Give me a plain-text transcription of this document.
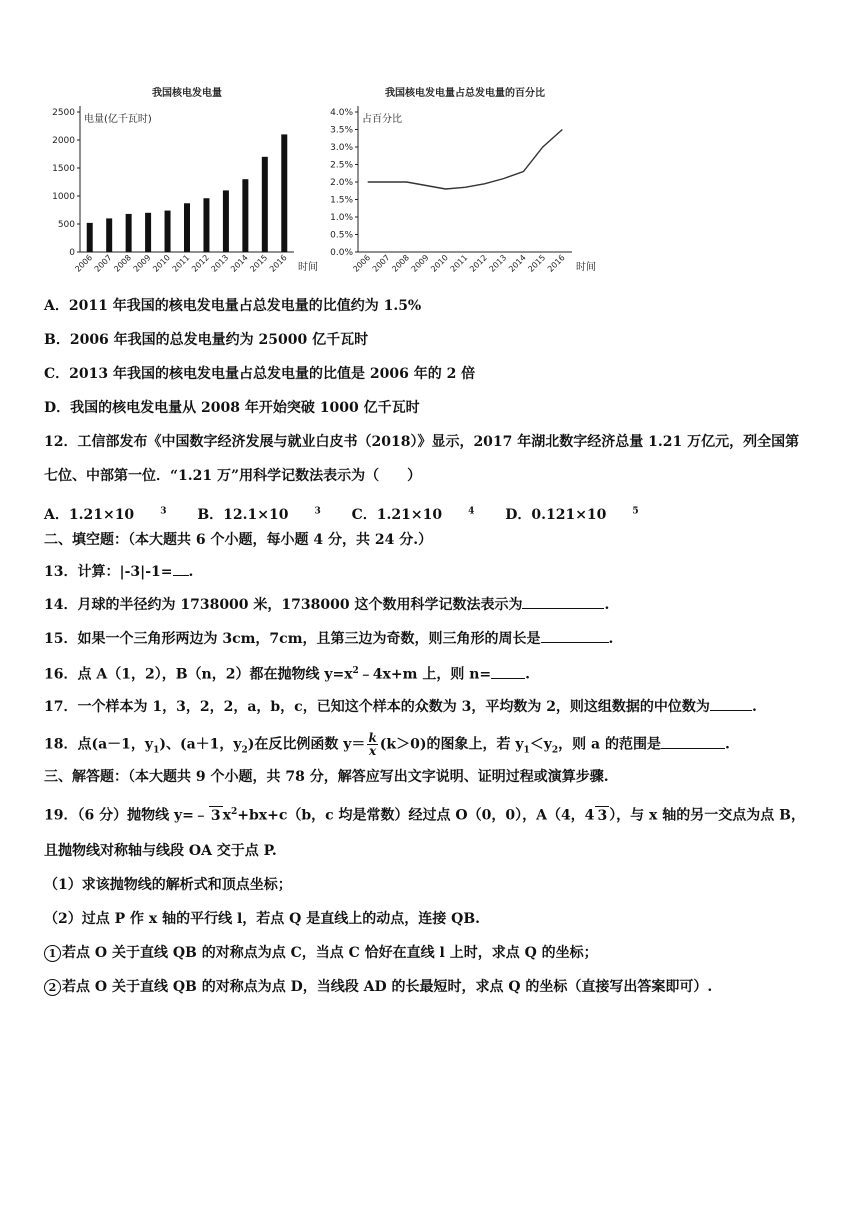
我国核电发电量
电量(亿千瓦时)
时间
0
500
1000
1500
2000
2500
2006
2007
2008
2009
2010
2011
2012
2013
2014
2015
2016
我国核电发电量占总发电量的百分比
占百分比
时间
0.0%
0.5%
1.0%
1.5%
2.0%
2.5%
3.0%
3.5%
4.0%
2006
2007
2008
2009
2010
2011
2012
2013
2014
2015
2016
A．2011 年我国的核电发电量占总发电量的比值约为 1.5%
B．2006 年我国的总发电量约为 25000 亿千瓦时
C．2013 年我国的核电发电量占总发电量的比值是 2006 年的 2 倍
D．我国的核电发电量从 2008 年开始突破 1000 亿千瓦时
12．工信部发布《中国数字经济发展与就业白皮书（2018）》显示，2017 年湖北数字经济总量 1.21 万亿元，列全国第
七位、中部第一位．“1.21 万”用科学记数法表示为（　　）
A．1.21×10	$^3$ B．12.1×10	$^3$ C．1.21×10	$^4$ D．0.121×10	$^5$
二、填空题：（本大题共 6 个小题，每小题 4 分，共 24 分.）
13．计算：|-3|-1= .
14．月球的半径约为 1738000 米，1738000 这个数用科学记数法表示为	.
15．如果一个三角形两边为 3cm，7cm，且第三边为奇数，则三角形的周长是	.
16．点 A（1，2），B（n，2）都在抛物线 $y=x^2﹣4x+m$ 上，则 n= .
17．一个样本为 1，3，2，2，a，b，c，已知这个样本的众数为 3，平均数为 2，则这组数据的中位数为	.
18．点(a－1，$y_1$)、(a＋1，$y_2$)在反比例函数 $y= \frac{k}{x} (k>0)$的图象上，若 $y_1<y_2$，则 a 的范围是	.
三、解答题：（本大题共 9 个小题，共 78 分，解答应写出文字说明、证明过程或演算步骤.
19．（6 分）抛物线 y=﹣ 3 $x^2+bx+c(b$，c 均是常数）经过点 O（0，0），A（4，4 3 ），与 x 轴的另一交点为点 B，
且抛物线对称轴与线段 OA 交于点 P.
（1）求该抛物线的解析式和顶点坐标；
（2）过点 P 作 x 轴的平行线 l，若点 Q 是直线上的动点，连接 QB.
1 若点 O 关于直线 QB 的对称点为点 C，当点 C 恰好在直线 l 上时，求点 Q 的坐标；
2 若点 O 关于直线 QB 的对称点为点 D，当线段 AD 的长最短时，求点 Q 的坐标（直接写出答案即可）.
